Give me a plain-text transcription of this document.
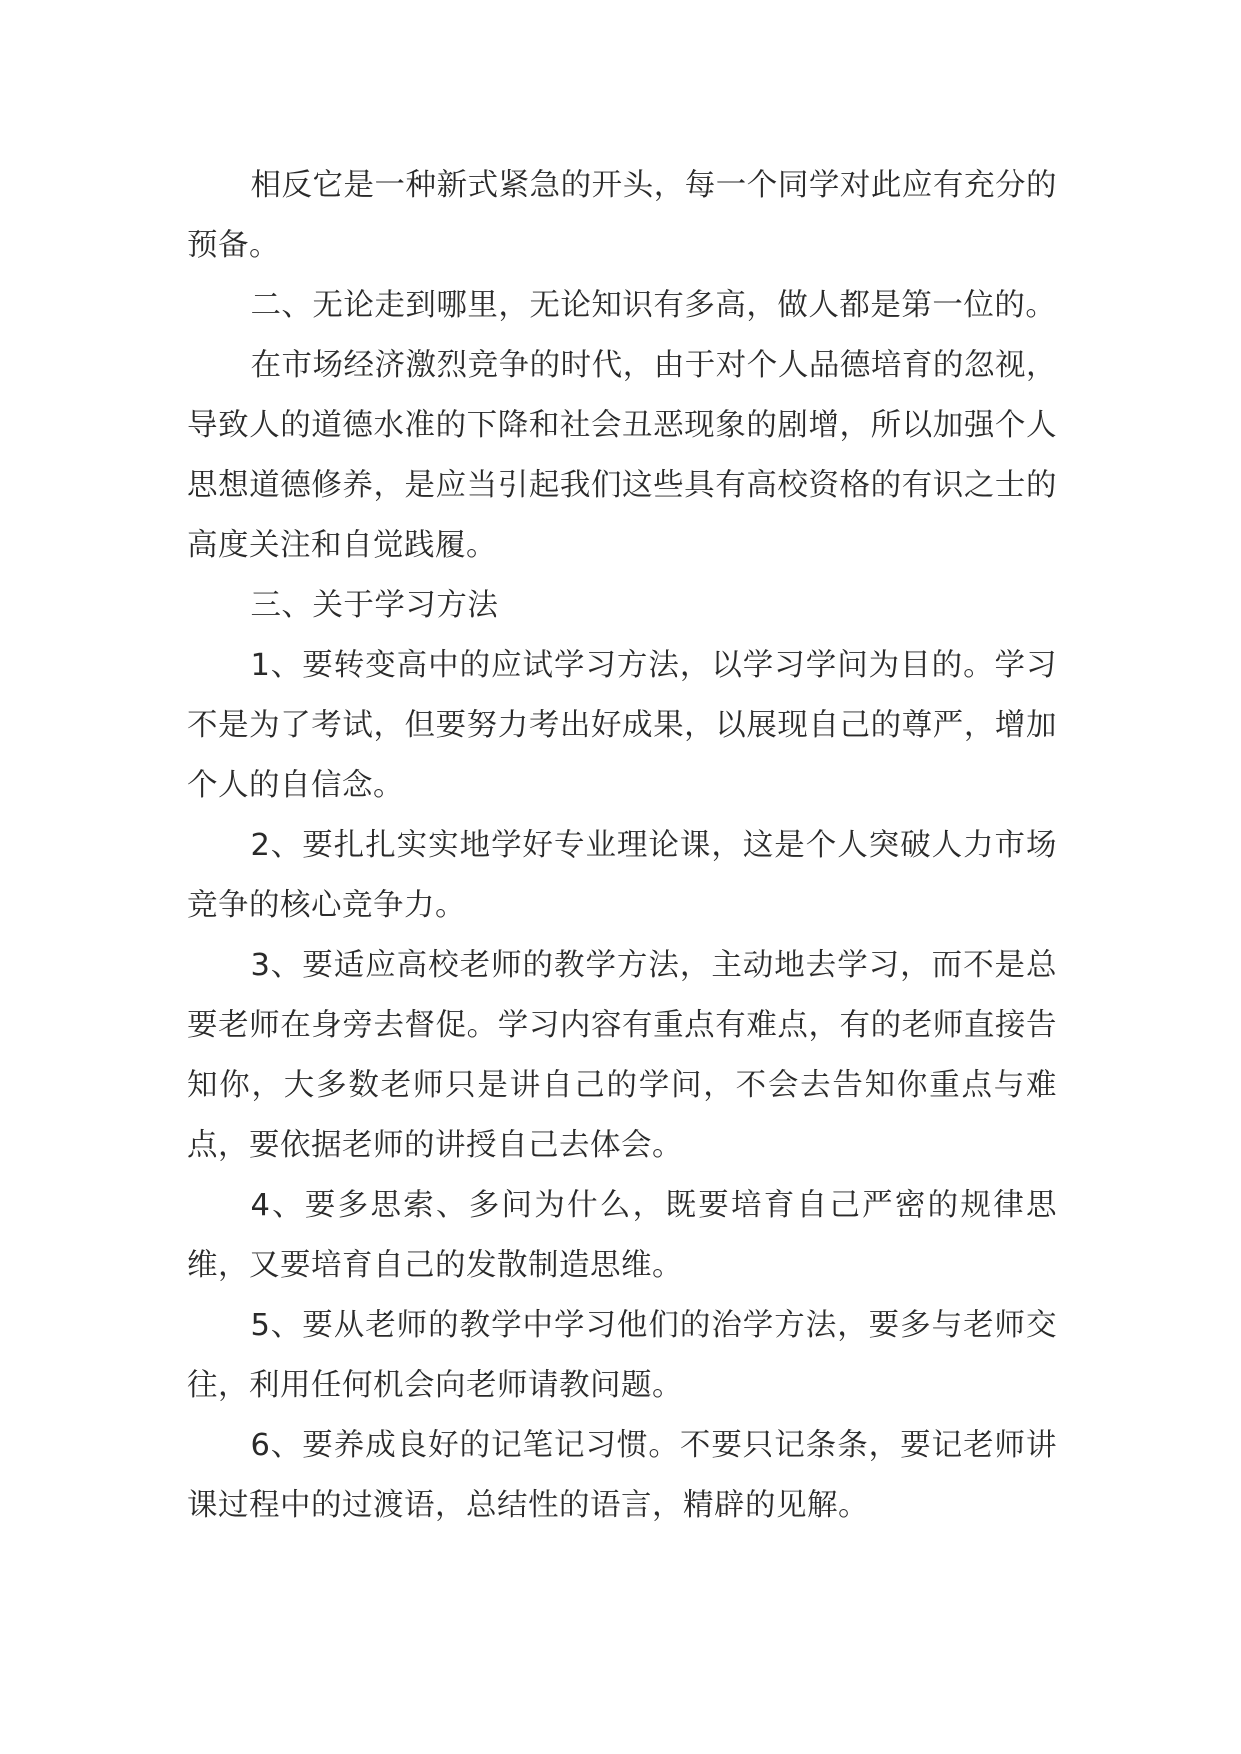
相反它是一种新式紧急的开头，每一个同学对此应有充分的预备。

二、无论走到哪里，无论知识有多高，做人都是第一位的。

在市场经济激烈竞争的时代，由于对个人品德培育的忽视，导致人的道德水准的下降和社会丑恶现象的剧增，所以加强个人思想道德修养，是应当引起我们这些具有高校资格的有识之士的高度关注和自觉践履。

三、关于学习方法

1、要转变高中的应试学习方法，以学习学问为目的。学习不是为了考试，但要努力考出好成果，以展现自己的尊严，增加个人的自信念。

2、要扎扎实实地学好专业理论课，这是个人突破人力市场竞争的核心竞争力。

3、要适应高校老师的教学方法，主动地去学习，而不是总要老师在身旁去督促。学习内容有重点有难点，有的老师直接告知你，大多数老师只是讲自己的学问，不会去告知你重点与难点，要依据老师的讲授自己去体会。

4、要多思索、多问为什么，既要培育自己严密的规律思维，又要培育自己的发散制造思维。

5、要从老师的教学中学习他们的治学方法，要多与老师交往，利用任何机会向老师请教问题。

6、要养成良好的记笔记习惯。不要只记条条，要记老师讲课过程中的过渡语，总结性的语言，精辟的见解。
